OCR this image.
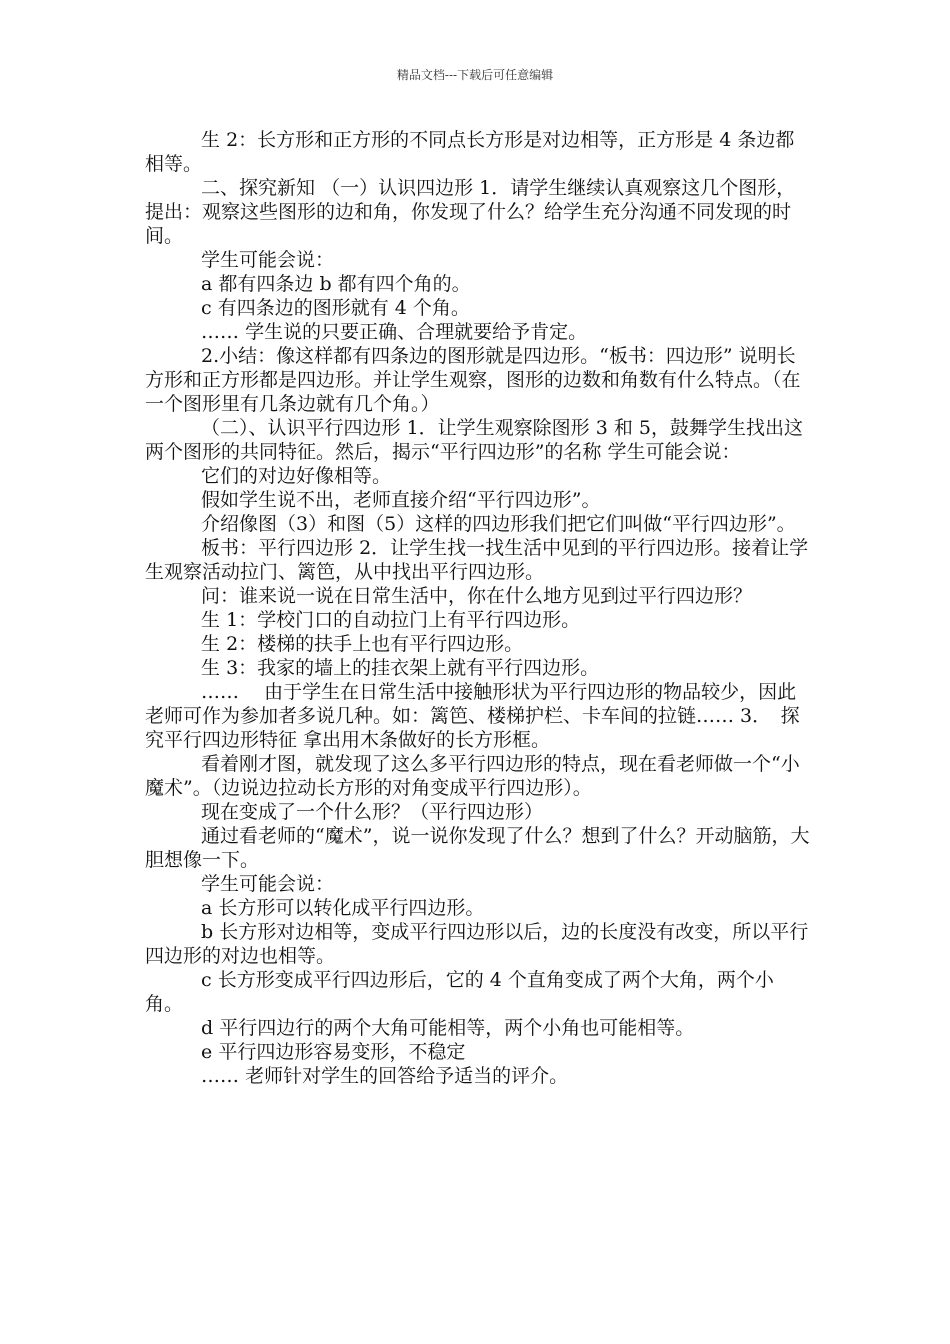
精品文档---下载后可任意编辑

生 2：长方形和正方形的不同点长方形是对边相等，正方形是 4 条边都相等。

二、探究新知 （一）认识四边形 1．请学生继续认真观察这几个图形，提出：观察这些图形的边和角，你发现了什么？给学生充分沟通不同发现的时间。

学生可能会说：

a 都有四条边 b 都有四个角的。

c 有四条边的图形就有 4 个角。

…… 学生说的只要正确、合理就要给予肯定。

2.小结：像这样都有四条边的图形就是四边形。“板书：四边形” 说明长方形和正方形都是四边形。并让学生观察，图形的边数和角数有什么特点。（在一个图形里有几条边就有几个角。）

（二）、认识平行四边形 1．让学生观察除图形 3 和 5，鼓舞学生找出这两个图形的共同特征。然后，揭示“平行四边形”的名称 学生可能会说：

它们的对边好像相等。

假如学生说不出，老师直接介绍“平行四边形”。

介绍像图（3）和图（5）这样的四边形我们把它们叫做“平行四边形”。

板书：平行四边形 2．让学生找一找生活中见到的平行四边形。接着让学生观察活动拉门、篱笆，从中找出平行四边形。

问：谁来说一说在日常生活中，你在什么地方见到过平行四边形？

生 1：学校门口的自动拉门上有平行四边形。

生 2：楼梯的扶手上也有平行四边形。

生 3：我家的墙上的挂衣架上就有平行四边形。

……　 由于学生在日常生活中接触形状为平行四边形的物品较少，因此老师可作为参加者多说几种。如：篱笆、楼梯护栏、卡车间的拉链…… 3．　探究平行四边形特征 拿出用木条做好的长方形框。

看着刚才图，就发现了这么多平行四边形的特点，现在看老师做一个“小魔术”。（边说边拉动长方形的对角变成平行四边形）。

现在变成了一个什么形？（平行四边形）

通过看老师的“魔术”，说一说你发现了什么？想到了什么？开动脑筋，大胆想像一下。

学生可能会说：

a 长方形可以转化成平行四边形。

b 长方形对边相等，变成平行四边形以后，边的长度没有改变，所以平行四边形的对边也相等。

c 长方形变成平行四边形后，它的 4 个直角变成了两个大角，两个小角。

d 平行四边行的两个大角可能相等，两个小角也可能相等。

e 平行四边形容易变形，不稳定

…… 老师针对学生的回答给予适当的评介。
